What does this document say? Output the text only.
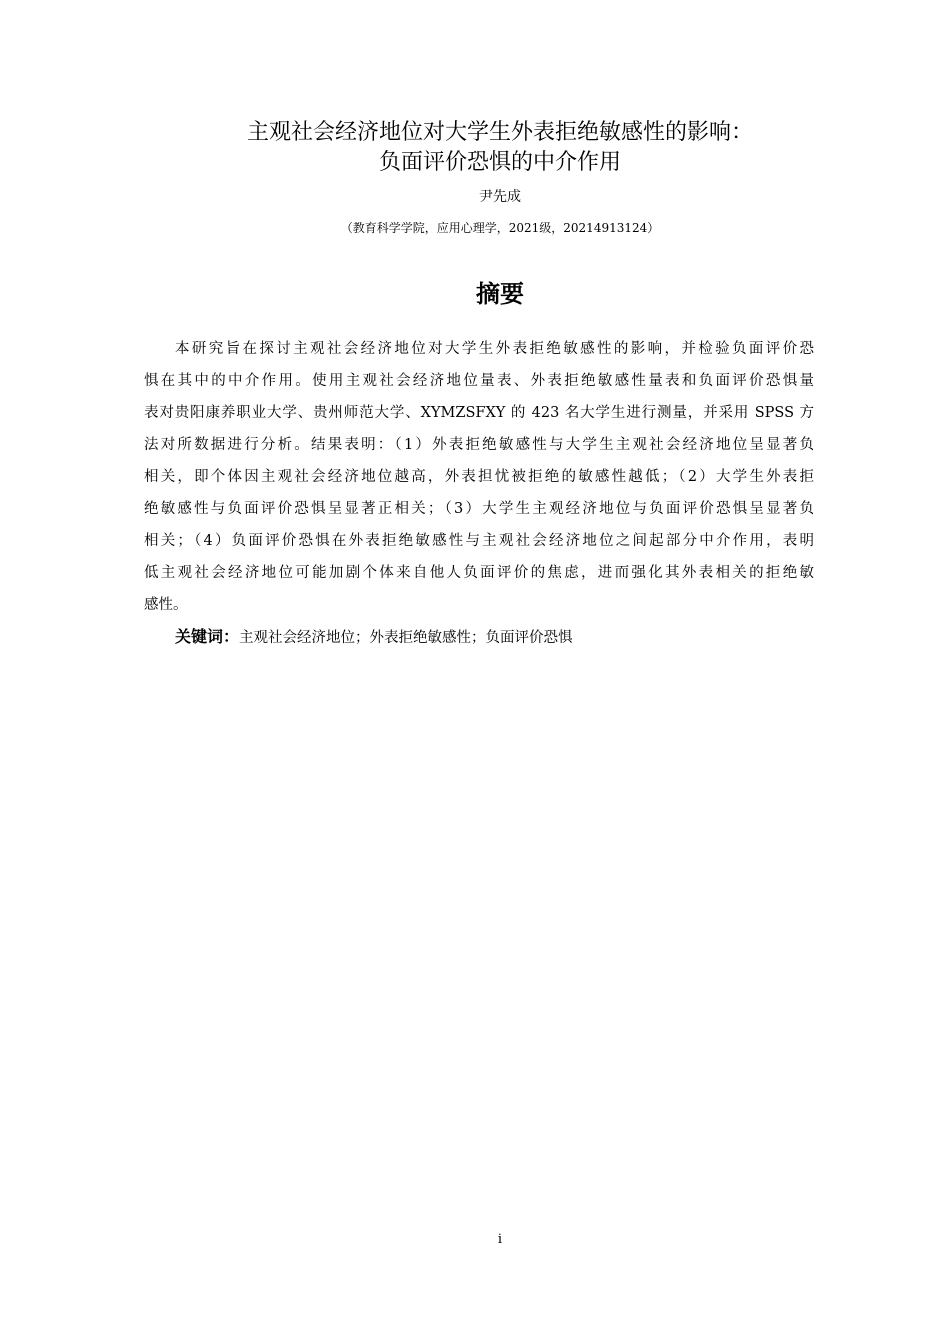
主观社会经济地位对大学生外表拒绝敏感性的影响：
负面评价恐惧的中介作用
尹先成
（教育科学学院，应用心理学，2021级，20214913124）
摘要
本研究旨在探讨主观社会经济地位对大学生外表拒绝敏感性的影响，并检验负面评价恐
惧在其中的中介作用。使用主观社会经济地位量表、外表拒绝敏感性量表和负面评价恐惧量
表对贵阳康养职业大学、贵州师范大学、XYMZSFXY 的 423 名大学生进行测量，并采用 SPSS 方
法对所数据进行分析。结果表明：（1）外表拒绝敏感性与大学生主观社会经济地位呈显著负
相关，即个体因主观社会经济地位越高，外表担忧被拒绝的敏感性越低；（2）大学生外表拒
绝敏感性与负面评价恐惧呈显著正相关；（3）大学生主观经济地位与负面评价恐惧呈显著负
相关；（4）负面评价恐惧在外表拒绝敏感性与主观社会经济地位之间起部分中介作用，表明
低主观社会经济地位可能加剧个体来自他人负面评价的焦虑，进而强化其外表相关的拒绝敏
感性。
关键词：主观社会经济地位；外表拒绝敏感性；负面评价恐惧
i
